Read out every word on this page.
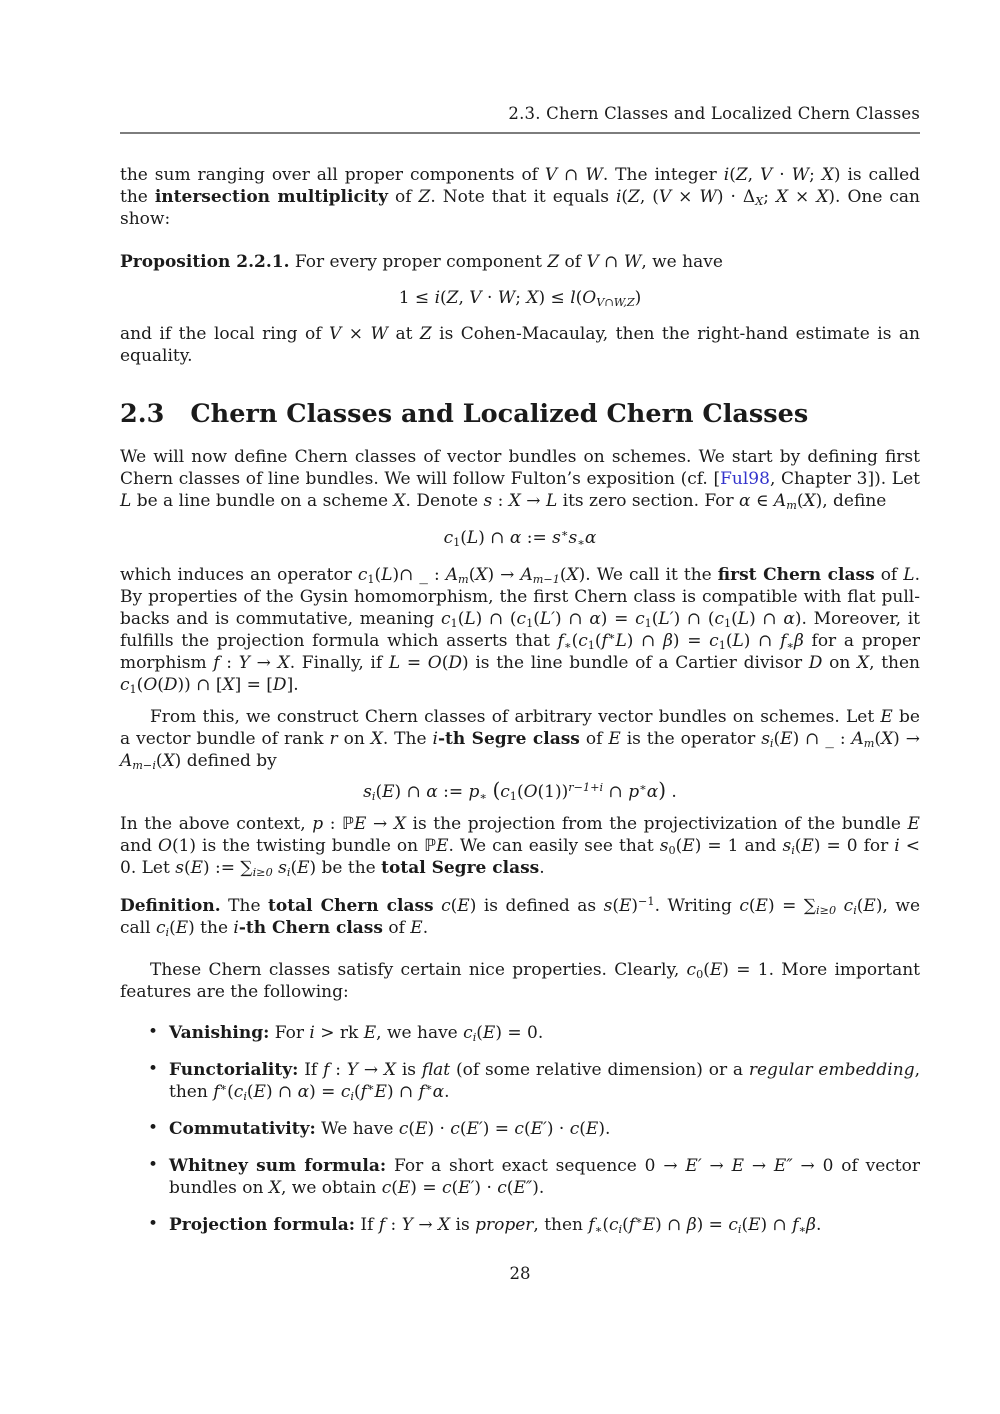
2.3. Chern Classes and Localized Chern Classes

the sum ranging over all proper components of V ∩ W. The integer i(Z, V · W; X) is called the intersection multiplicity of Z. Note that it equals i(Z, $(V \times W) \cdot \Delta_X$; X × X). One can show:

Proposition 2.2.1. For every proper component Z of V ∩ W, we have

1 ≤ i(Z, V · W; $X) \le l(O_{V\cap W,Z})$

and if the local ring of V × W at Z is Cohen-Macaulay, then the right-hand estimate is an equality.

2.3 Chern Classes and Localized Chern Classes

We will now define Chern classes of vector bundles on schemes. We start by defining first Chern classes of line bundles. We will follow Fulton’s exposition (cf. [Ful98, Chapter 3]). Let L be a line bundle on a scheme X. Denote s : X → L its zero section. For α ∈ $A_m(X)$, define

$c_1(L)$ ∩ α := $s^∗s_∗\alpha$

which induces an operator $c_1(L)\cap$ _ : $A_m(X) \to A_{m-1}(X)$. We call it the first Chern class of L. By properties of the Gysin homomorphism, the first Chern class is compatible with flat pull-backs and is commutative, meaning $c_1(L)$ ∩ ($c_1(L')$ ∩ $\alpha) = c_1(L')$ ∩ ($c_1(L)$ ∩ α). Moreover, it fulfills the projection formula which asserts that $f_∗(c_1(f^∗L)$ ∩ $\beta) = c_1(L)$ ∩ $f_∗\beta$ for a proper morphism f : Y → X. Finally, if L = O(D) is the line bundle of a Cartier divisor D on X, then $c_1(O(D))$ ∩ [X] = [D].

From this, we construct Chern classes of arbitrary vector bundles on schemes. Let E be a vector bundle of rank r on X. The i-th Segre class of E is the operator $s_i(E)$ ∩ _ : $A_m(X) \to A_{m-i}(X)$ defined by

$s_i(E)$ ∩ α := $p_∗$ ($c_1(O(1))^{r-1+i}$ ∩ p∗α) .

In the above context, p : ℙE → X is the projection from the projectivization of the bundle E and O(1) is the twisting bundle on ℙE. We can easily see that $s_0(E) = 1$ and $s_i(E) = 0$ for i < 0. Let s(E) := $\sum_{i\ge 0}$ $s_i(E)$ be the total Segre class.

Definition. The total Chern class c(E) is defined as $s(E)^{-1}$. Writing $c(E) = \sum_{i\ge 0}$ $c_i(E)$, we call $c_i(E)$ the i-th Chern class of E.

These Chern classes satisfy certain nice properties. Clearly, $c_0(E) = 1$. More important features are the following:

• Vanishing: For i > rk E, we have $c_i(E) = 0$.
• Functoriality: If f : Y → X is flat (of some relative dimension) or a regular embedding, then $f^∗(c_i(E)$ ∩ $\alpha) = c_i(f^∗E)$ ∩ f∗α.
• Commutativity: We have c(E) · c(E′) = c(E′) · c(E).
• Whitney sum formula: For a short exact sequence 0 → E′ → E → E″ → 0 of vector bundles on X, we obtain c(E) = c(E′) · c(E″).
• Projection formula: If f : Y → X is proper, then $f_∗(c_i(f^∗E)$ ∩ $\beta) = c_i(E)$ ∩ $f_∗\beta$.
28
